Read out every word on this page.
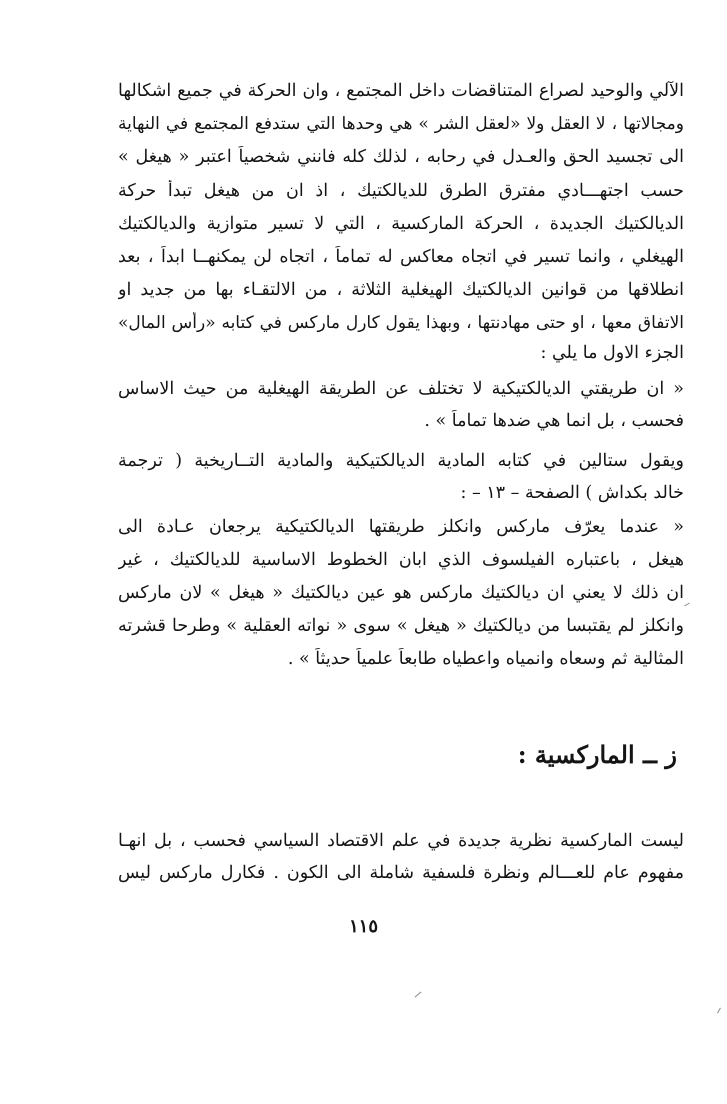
الآلي والوحيد لصراع المتناقضات داخل المجتمع ، وان الحركة في جميع اشكالها
ومجالاتها ، لا العقل ولا «لعقل الشر » هي وحدها التي ستدفع المجتمع في النهاية
الى تجسيد الحق والعـدل في رحابه ، لذلك كله فانني شخصياً اعتبر « هيغل »
حسب اجتهـــادي مفترق الطرق للديالكتيك ، اذ ان من هيغل تبدأ حركة
الديالكتيك الجديدة ، الحركة الماركسية ، التي لا تسير متوازية والديالكتيك
الهيغلي ، وانما تسير في اتجاه معاكس له تماماً ، اتجاه لن يمكنهــا ابداً ، بعد
انطلاقها من قوانين الديالكتيك الهيغلية الثلاثة ، من الالتقـاء بها من جديد او
الاتفاق معها ، او حتى مهادنتها ، وبهذا يقول كارل ماركس في كتابه «رأس المال»
الجزء الاول ما يلي :
« ان طريقتي الديالكتيكية لا تختلف عن الطريقة الهيغلية من حيث الاساس
فحسب ، بل انما هي ضدها تماماً » .
ويقول ستالين في كتابه المادية الديالكتيكية والمادية التــاريخية ( ترجمة
خالد بكداش ) الصفحة – ١٣ – :
« عندما يعرّف ماركس وانكلز طريقتها الديالكتيكية يرجعان عـادة الى
هيغل ، باعتباره الفيلسوف الذي ابان الخطوط الاساسية للديالكتيك ، غير
ان ذلك لا يعني ان ديالكتيك ماركس هو عين ديالكتيك « هيغل » لان ماركس
وانكلز لم يقتبسا من ديالكتيك « هيغل » سوى « نواته العقلية » وطرحا قشرته
المثالية ثم وسعاه وانمياه واعطياه طابعاً علمياً حديثاً » .
ز ــ الماركسية :
ليست الماركسية نظرية جديدة في علم الاقتصاد السياسي فحسب ، بل انهـا
مفهوم عام للعـــالم ونظرة فلسفية شاملة الى الكون . فكارل ماركس ليس
١١٥
